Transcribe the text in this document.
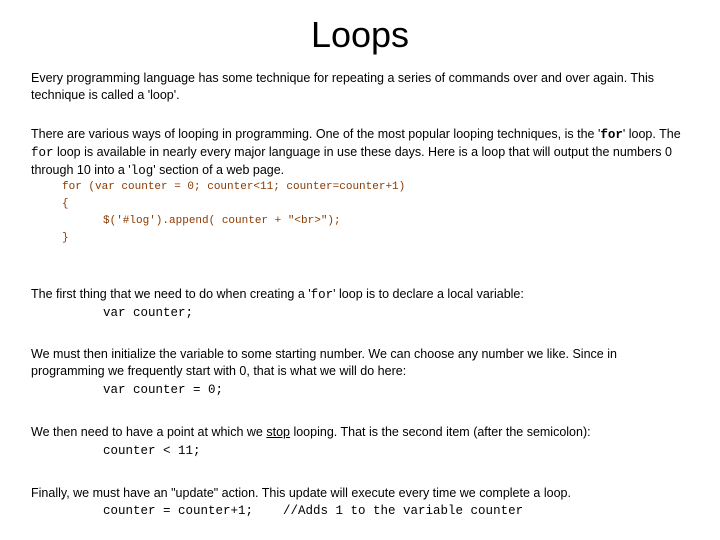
Loops
Every programming language has some technique for repeating a series of commands over and over again. This technique is called a 'loop'.
There are various ways of looping in programming. One of the most popular looping techniques, is the 'for' loop. The for loop is available in nearly every major language in use these days. Here is a loop that will output the numbers 0 through 10 into a 'log' section of a web page.
for (var counter = 0; counter<11; counter=counter+1)
{
$('#log').append( counter + "<br>");
}
The first thing that we need to do when creating a 'for' loop is to declare a local variable:
var counter;
We must then initialize the variable to some starting number. We can choose any number we like. Since in programming we frequently start with 0, that is what we will do here:
var counter = 0;
We then need to have a point at which we stop looping. That is the second item (after the semicolon):
counter < 11;
Finally, we must have an "update" action. This update will execute every time we complete a loop.
counter = counter+1;    //Adds 1 to the variable counter
